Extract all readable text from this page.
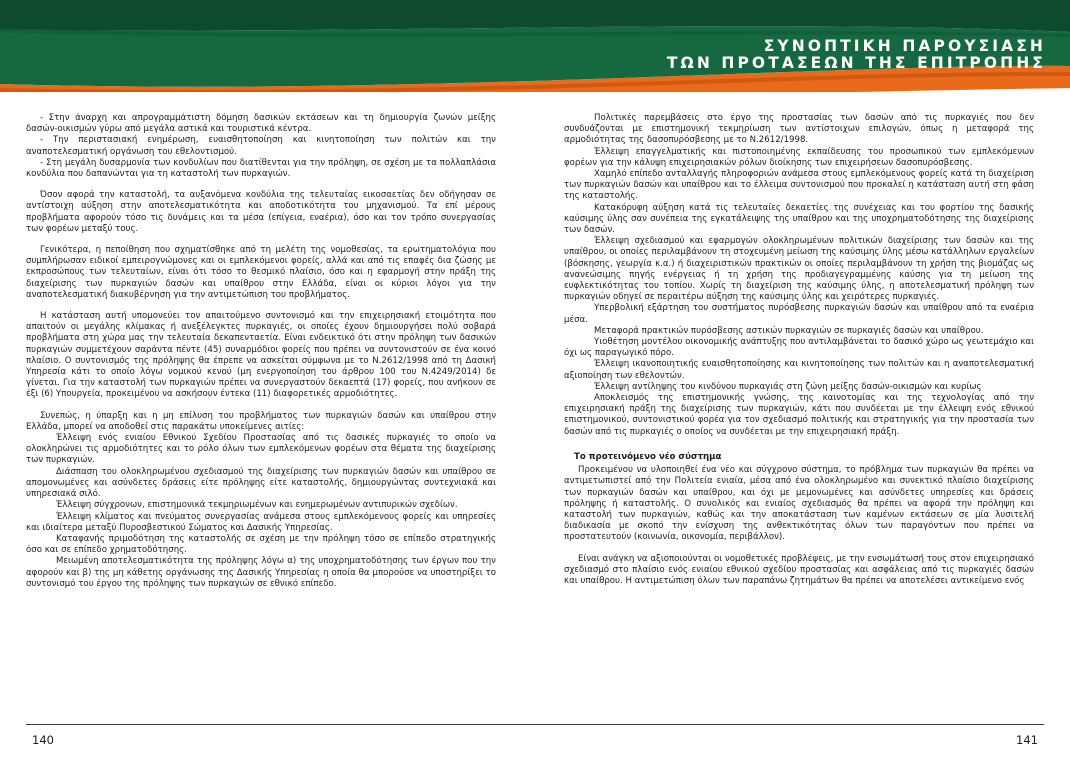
ΣΥΝΟΠΤΙΚΗ ΠΑΡΟΥΣΙΑΣΗ
ΤΩΝ ΠΡΟΤΑΣΕΩΝ ΤΗΣ ΕΠΙΤΡΟΠΗΣ

- Στην άναρχη και απρογραμμάτιστη δόμηση δασικών εκτάσεων και τη δημιουργία ζωνών μείξης δασών-οικισμών γύρω από μεγάλα αστικά και τουριστικά κέντρα.

- Την περιστασιακή ενημέρωση, ευαισθητοποίηση και κινητοποίηση των πολιτών και την αναποτελεσματική οργάνωση του εθελοντισμού.

- Στη μεγάλη δυσαρμονία των κονδυλίων που διατίθενται για την πρόληψη, σε σχέση με τα πολλαπλάσια κονδύλια που δαπανώνται για τη καταστολή των πυρκαγιών.

Όσον αφορά την καταστολή, τα αυξανόμενα κονδύλια της τελευταίας εικοσαετίας δεν οδήγησαν σε αντίστοιχη αύξηση στην αποτελεσματικότητα και αποδοτικότητα του μηχανισμού. Τα επί μέρους προβλήματα αφορούν τόσο τις δυνάμεις και τα μέσα (επίγεια, εναέρια), όσο και τον τρόπο συνεργασίας των φορέων μεταξύ τους.

Γενικότερα, η πεποίθηση που σχηματίσθηκε από τη μελέτη της νομοθεσίας, τα ερωτηματολόγια που συμπλήρωσαν ειδικοί εμπειρογνώμονες και οι εμπλεκόμενοι φορείς, αλλά και από τις επαφές δια ζώσης με εκπροσώπους των τελευταίων, είναι ότι τόσο το θεσμικό πλαίσιο, όσο και η εφαρμογή στην πράξη της διαχείρισης των πυρκαγιών δασών και υπαίθρου στην Ελλάδα, είναι οι κύριοι λόγοι για την αναποτελεσματική διακυβέρνηση για την αντιμετώπιση του προβλήματος.

Η κατάσταση αυτή υπομονεύει τον απαιτούμενο συντονισμό και την επιχειρησιακή ετοιμότητα που απαιτούν οι μεγάλης κλίμακας ή ανεξέλεγκτες πυρκαγιές, οι οποίες έχουν δημιουργήσει πολύ σοβαρά προβλήματα στη χώρα μας την τελευταία δεκαπενταετία. Είναι ενδεικτικό ότι στην πρόληψη των δασικών πυρκαγιών συμμετέχουν σαράντα πέντε (45) συναρμόδιοι φορείς που πρέπει να συντονιστούν σε ένα κοινό πλαίσιο. Ο συντονισμός της πρόληψης θα έπρεπε να ασκείται σύμφωνα με το Ν.2612/1998 από τη Δασική Υπηρεσία κάτι το οποίο λόγω νομικού κενού (μη ενεργοποίηση του άρθρου 100 του Ν.4249/2014) δε γίνεται. Για την καταστολή των πυρκαγιών πρέπει να συνεργαστούν δεκαεπτά (17) φορείς, που ανήκουν σε έξι (6) Υπουργεία, προκειμένου να ασκήσουν έντεκα (11) διαφορετικές αρμοδιότητες.

Συνεπώς, η ύπαρξη και η μη επίλυση του προβλήματος των πυρκαγιών δασών και υπαίθρου στην Ελλάδα, μπορεί να αποδοθεί στις παρακάτω υποκείμενες αιτίες:

Έλλειψη ενός ενιαίου Εθνικού Σχεδίου Προστασίας από τις δασικές πυρκαγιές το οποίο να ολοκληρώνει τις αρμοδιότητες και το ρόλο όλων των εμπλεκόμενων φορέων στα θέματα της διαχείρισης των πυρκαγιών.

Διάσπαση του ολοκληρωμένου σχεδιασμού της διαχείρισης των πυρκαγιών δασών και υπαίθρου σε απομονωμένες και ασύνδετες δράσεις είτε πρόληψης είτε καταστολής, δημιουργώντας συντεχνιακά και υπηρεσιακά σιλό.

Έλλειψη σύγχρονων, επιστημονικά τεκμηριωμένων και ενημερωμένων αντιπυρικών σχεδίων.

Έλλειψη κλίματος και πνεύματος συνεργασίας ανάμεσα στους εμπλεκόμενους φορείς και υπηρεσίες και ιδιαίτερα μεταξύ Πυροσβεστικού Σώματος και Δασικής Υπηρεσίας.

Καταφανής πριμοδότηση της καταστολής σε σχέση με την πρόληψη τόσο σε επίπεδο στρατηγικής όσο και σε επίπεδο χρηματοδότησης.

Μειωμένη αποτελεσματικότητα της πρόληψης λόγω α) της υποχρηματοδότησης των έργων που την αφορούν και β) της μη κάθετης οργάνωσης της Δασικής Υπηρεσίας η οποία θα μπορούσε να υποστηρίξει το συντονισμό του έργου της πρόληψης των πυρκαγιών σε εθνικό επίπεδο.

Πολιτικές παρεμβάσεις στο έργο της προστασίας των δασών από τις πυρκαγιές που δεν συνδυάζονται με επιστημονική τεκμηρίωση των αντίστοιχων επιλογών, όπως η μεταφορά της αρμοδιότητας της δασοπυρόσβεσης με το Ν.2612/1998.

Έλλειψη επαγγελματικής και πιστοποιημένης εκπαίδευσης του προσωπικού των εμπλεκόμενων φορέων για την κάλυψη επιχειρησιακών ρόλων διοίκησης των επιχειρήσεων δασοπυρόσβεσης.

Χαμηλό επίπεδο ανταλλαγής πληροφοριών ανάμεσα στους εμπλεκόμενους φορείς κατά τη διαχείριση των πυρκαγιών δασών και υπαίθρου και το έλλειμα συντονισμού που προκαλεί η κατάσταση αυτή στη φάση της καταστολής.

Κατακόρυφη αύξηση κατά τις τελευταίες δεκαετίες της συνέχειας και του φορτίου της δασικής καύσιμης ύλης σαν συνέπεια της εγκατάλειψης της υπαίθρου και της υποχρηματοδότησης της διαχείρισης των δασών.

Έλλειψη σχεδιασμού και εφαρμογών ολοκληρωμένων πολιτικών διαχείρισης των δασών και της υπαίθρου, οι οποίες περιλαμβάνουν τη στοχευμένη μείωση της καύσιμης ύλης μέσω κατάλληλων εργαλείων (βόσκησης, γεωργία κ.α.) ή διαχειριστικών πρακτικών οι οποίες περιλαμβάνουν τη χρήση της βιομάζας ως ανανεώσιμης πηγής ενέργειας ή τη χρήση της προδιαγεγραμμένης καύσης για τη μείωση της ευφλεκτικότητας του τοπίου. Χωρίς τη διαχείριση της καύσιμης ύλης, η αποτελεσματική πρόληψη των πυρκαγιών οδηγεί σε περαιτέρω αύξηση της καύσιμης ύλης και χειρότερες πυρκαγιές.

Υπερβολική εξάρτηση του συστήματος πυρόσβεσης πυρκαγιών δασών και υπαίθρου από τα εναέρια μέσα.

Μεταφορά πρακτικών πυρόσβεσης αστικών πυρκαγιών σε πυρκαγιές δασών και υπαίθρου.

Υιοθέτηση μοντέλου οικονομικής ανάπτυξης που αντιλαμβάνεται το δασικό χώρο ως γεωτεμάχιο και όχι ως παραγωγικό πόρο.

Έλλειψη ικανοποιητικής ευαισθητοποίησης και κινητοποίησης των πολιτών και η αναποτελεσματική αξιοποίηση των εθελοντών.

Έλλειψη αντίληψης του κινδύνου πυρκαγιάς στη ζώνη μείξης δασών-οικισμών και κυρίως

Αποκλεισμός της επιστημονικής γνώσης, της καινοτομίας και της τεχνολογίας από την επιχειρησιακή πράξη της διαχείρισης των πυρκαγιών, κάτι που συνδέεται με την έλλειψη ενός εθνικού επιστημονικού, συντονιστικού φορέα για τον σχεδιασμό πολιτικής και στρατηγικής για την προστασία των δασών από τις πυρκαγιές ο οποίος να συνδέεται με την επιχειρησιακή πράξη.

Το προτεινόμενο νέο σύστημα

Προκειμένου να υλοποιηθεί ένα νέο και σύγχρονο σύστημα, το πρόβλημα των πυρκαγιών θα πρέπει να αντιμετωπιστεί από την Πολιτεία ενιαία, μέσα από ένα ολοκληρωμένο και συνεκτικό πλαίσιο διαχείρισης των πυρκαγιών δασών και υπαίθρου, και όχι με μεμονωμένες και ασύνδετες υπηρεσίες και δράσεις πρόληψης ή καταστολής. Ο συνολικός και ενιαίος σχεδιασμός θα πρέπει να αφορά την πρόληψη και καταστολή των πυρκαγιών, καθώς και την αποκατάσταση των καμένων εκτάσεων σε μία λυσιτελή διαδικασία με σκοπό την ενίσχυση της ανθεκτικότητας όλων των παραγόντων που πρέπει να προστατευτούν (κοινωνία, οικονομία, περιβάλλον).

Είναι ανάγκη να αξιοποιούνται οι νομοθετικές προβλέψεις, με την ενσωμάτωσή τους στον επιχειρησιακό σχεδιασμό στο πλαίσιο ενός ενιαίου εθνικού σχεδίου προστασίας και ασφάλειας από τις πυρκαγιές δασών και υπαίθρου. Η αντιμετώπιση όλων των παραπάνω ζητημάτων θα πρέπει να αποτελέσει αντικείμενο ενός

140	141
